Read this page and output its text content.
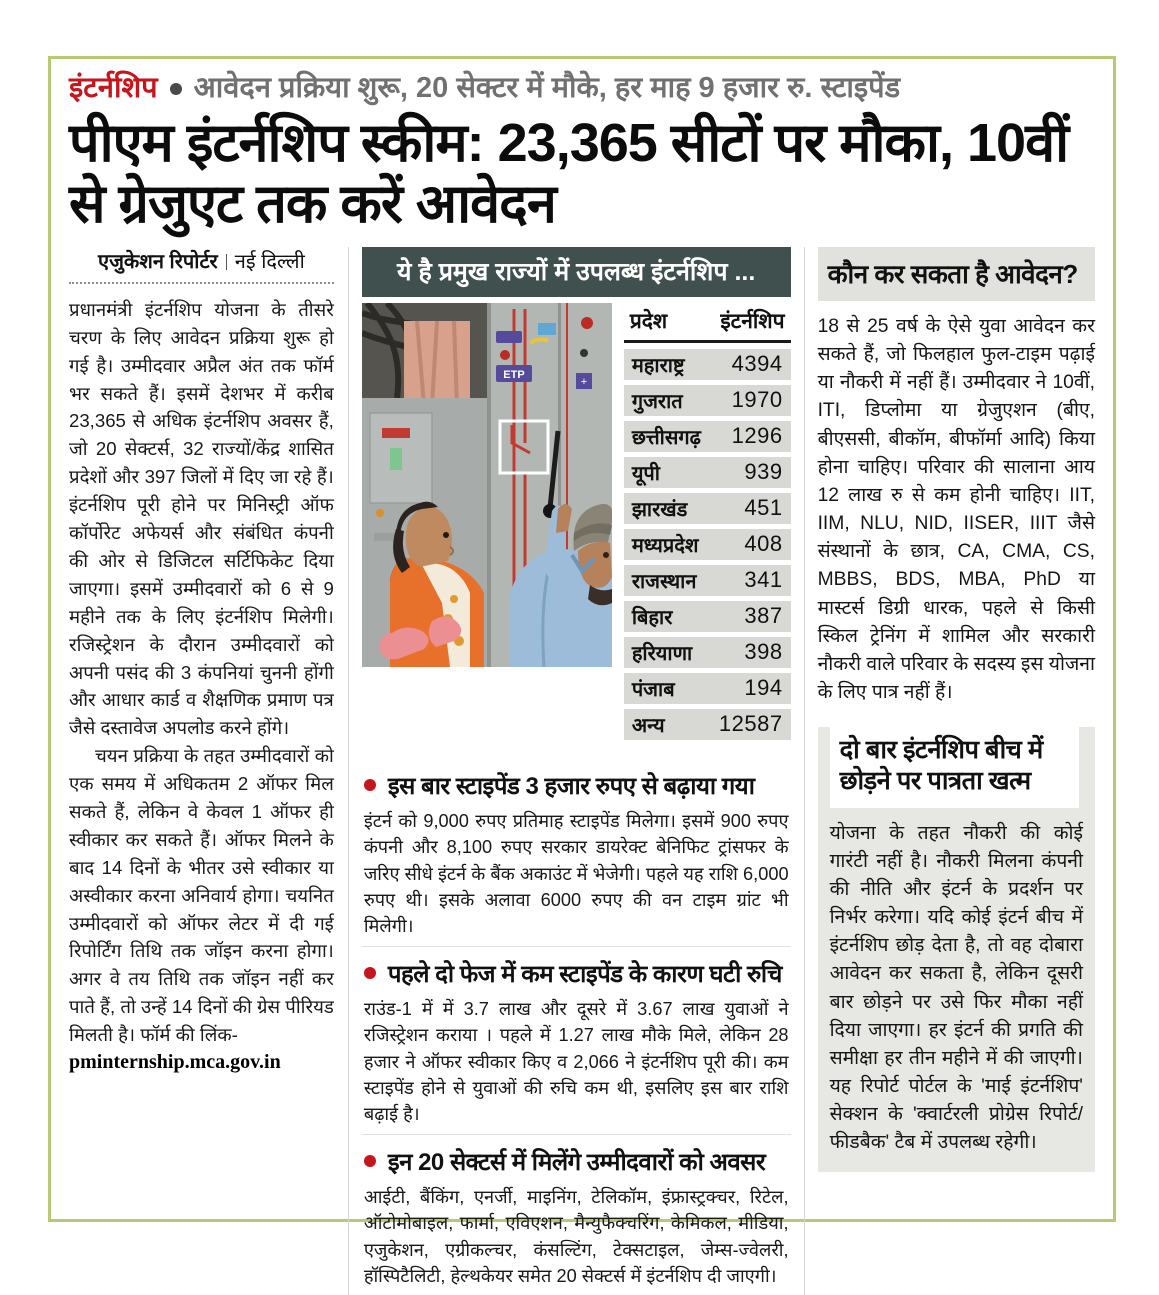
इंटर्नशिप आवेदन प्रक्रिया शुरू, 20 सेक्टर में मौके, हर माह 9 हजार रु. स्टाइपेंड
पीएम इंटर्नशिप स्कीम: 23,365 सीटों पर मौका, 10वीं से ग्रेजुएट तक करें आवेदन
एजुकेशन रिपोर्टर नई दिल्ली

प्रधानमंत्री इंटर्नशिप योजना के तीसरे चरण के लिए आवेदन प्रक्रिया शुरू हो गई है। उम्मीदवार अप्रैल अंत तक फॉर्म भर सकते हैं। इसमें देशभर में करीब 23,365 से अधिक इंटर्नशिप अवसर हैं, जो 20 सेक्टर्स, 32 राज्यों/केंद्र शासित प्रदेशों और 397 जिलों में दिए जा रहे हैं। इंटर्नशिप पूरी होने पर मिनिस्ट्री ऑफ कॉर्पोरेट अफेयर्स और संबंधित कंपनी की ओर से डिजिटल सर्टिफिकेट दिया जाएगा। इसमें उम्मीदवारों को 6 से 9 महीने तक के लिए इंटर्नशिप मिलेगी। रजिस्ट्रेशन के दौरान उम्मीदवारों को अपनी पसंद की 3 कंपनियां चुननी होंगी और आधार कार्ड व शैक्षणिक प्रमाण पत्र जैसे दस्तावेज अपलोड करने होंगे।

चयन प्रक्रिया के तहत उम्मीदवारों को एक समय में अधिकतम 2 ऑफर मिल सकते हैं, लेकिन वे केवल 1 ऑफर ही स्वीकार कर सकते हैं। ऑफर मिलने के बाद 14 दिनों के भीतर उसे स्वीकार या अस्वीकार करना अनिवार्य होगा। चयनित उम्मीदवारों को ऑफर लेटर में दी गई रिपोर्टिंग तिथि तक जॉइन करना होगा। अगर वे तय तिथि तक जॉइन नहीं कर पाते हैं, तो उन्हें 14 दिनों की ग्रेस पीरियड मिलती है। फॉर्म की लिंक-

pminternship.mca.gov.in
ये है प्रमुख राज्यों में उपलब्ध इंटर्नशिप ...
ETP
+
प्रदेश	इंटर्नशिप
महाराष्ट्र 4394
गुजरात 1970
छत्तीसगढ़ 1296
यूपी	939
झारखंड	451
मध्यप्रदेश 408
राजस्थान 341
बिहार	387
हरियाणा 398
पंजाब	194
अन्य 12587
इस बार स्टाइपेंड 3 हजार रुपए से बढ़ाया गया

इंटर्न को 9,000 रुपए प्रतिमाह स्टाइपेंड मिलेगा। इसमें 900 रुपए कंपनी और 8,100 रुपए सरकार डायरेक्ट बेनिफिट ट्रांसफर के जरिए सीधे इंटर्न के बैंक अकाउंट में भेजेगी। पहले यह राशि 6,000 रुपए थी। इसके अलावा 6000 रुपए की वन टाइम ग्रांट भी मिलेगी।

पहले दो फेज में कम स्टाइपेंड के कारण घटी रुचि

राउंड-1 में में 3.7 लाख और दूसरे में 3.67 लाख युवाओं ने रजिस्ट्रेशन कराया । पहले में 1.27 लाख मौके मिले, लेकिन 28 हजार ने ऑफर स्वीकार किए व 2,066 ने इंटर्नशिप पूरी की। कम स्टाइपेंड होने से युवाओं की रुचि कम थी, इसलिए इस बार राशि बढ़ाई है।

इन 20 सेक्टर्स में मिलेंगे उम्मीदवारों को अवसर

आईटी, बैंकिंग, एनर्जी, माइनिंग, टेलिकॉम, इंफ्रास्ट्रक्चर, रिटेल, ऑटोमोबाइल, फार्मा, एविएशन, मैन्युफैक्चरिंग, केमिकल, मीडिया, एजुकेशन, एग्रीकल्चर, कंसल्टिंग, टेक्सटाइल, जेम्स-ज्वेलरी, हॉस्पिटैलिटी, हेल्थकेयर समेत 20 सेक्टर्स में इंटर्नशिप दी जाएगी।

कौन कर सकता है आवेदन?

18 से 25 वर्ष के ऐसे युवा आवेदन कर सकते हैं, जो फिलहाल फुल-टाइम पढ़ाई या नौकरी में नहीं हैं। उम्मीदवार ने 10वीं, ITI, डिप्लोमा या ग्रेजुएशन (बीए, बीएससी, बीकॉम, बीफॉर्मा आदि) किया होना चाहिए। परिवार की सालाना आय 12 लाख रु से कम होनी चाहिए। IIT, IIM, NLU, NID, IISER, IIIT जैसे संस्थानों के छात्र, CA, CMA, CS, MBBS, BDS, MBA, PhD या मास्टर्स डिग्री धारक, पहले से किसी स्किल ट्रेनिंग में शामिल और सरकारी नौकरी वाले परिवार के सदस्य इस योजना के लिए पात्र नहीं हैं।

दो बार इंटर्नशिप बीच में छोड़ने पर पात्रता खत्म

योजना के तहत नौकरी की कोई गारंटी नहीं है। नौकरी मिलना कंपनी की नीति और इंटर्न के प्रदर्शन पर निर्भर करेगा। यदि कोई इंटर्न बीच में इंटर्नशिप छोड़ देता है, तो वह दोबारा आवेदन कर सकता है, लेकिन दूसरी बार छोड़ने पर उसे फिर मौका नहीं दिया जाएगा। हर इंटर्न की प्रगति की समीक्षा हर तीन महीने में की जाएगी। यह रिपोर्ट पोर्टल के 'माई इंटर्नशिप' सेक्शन के 'क्वार्टरली प्रोग्रेस रिपोर्ट/ फीडबैक' टैब में उपलब्ध रहेगी।
